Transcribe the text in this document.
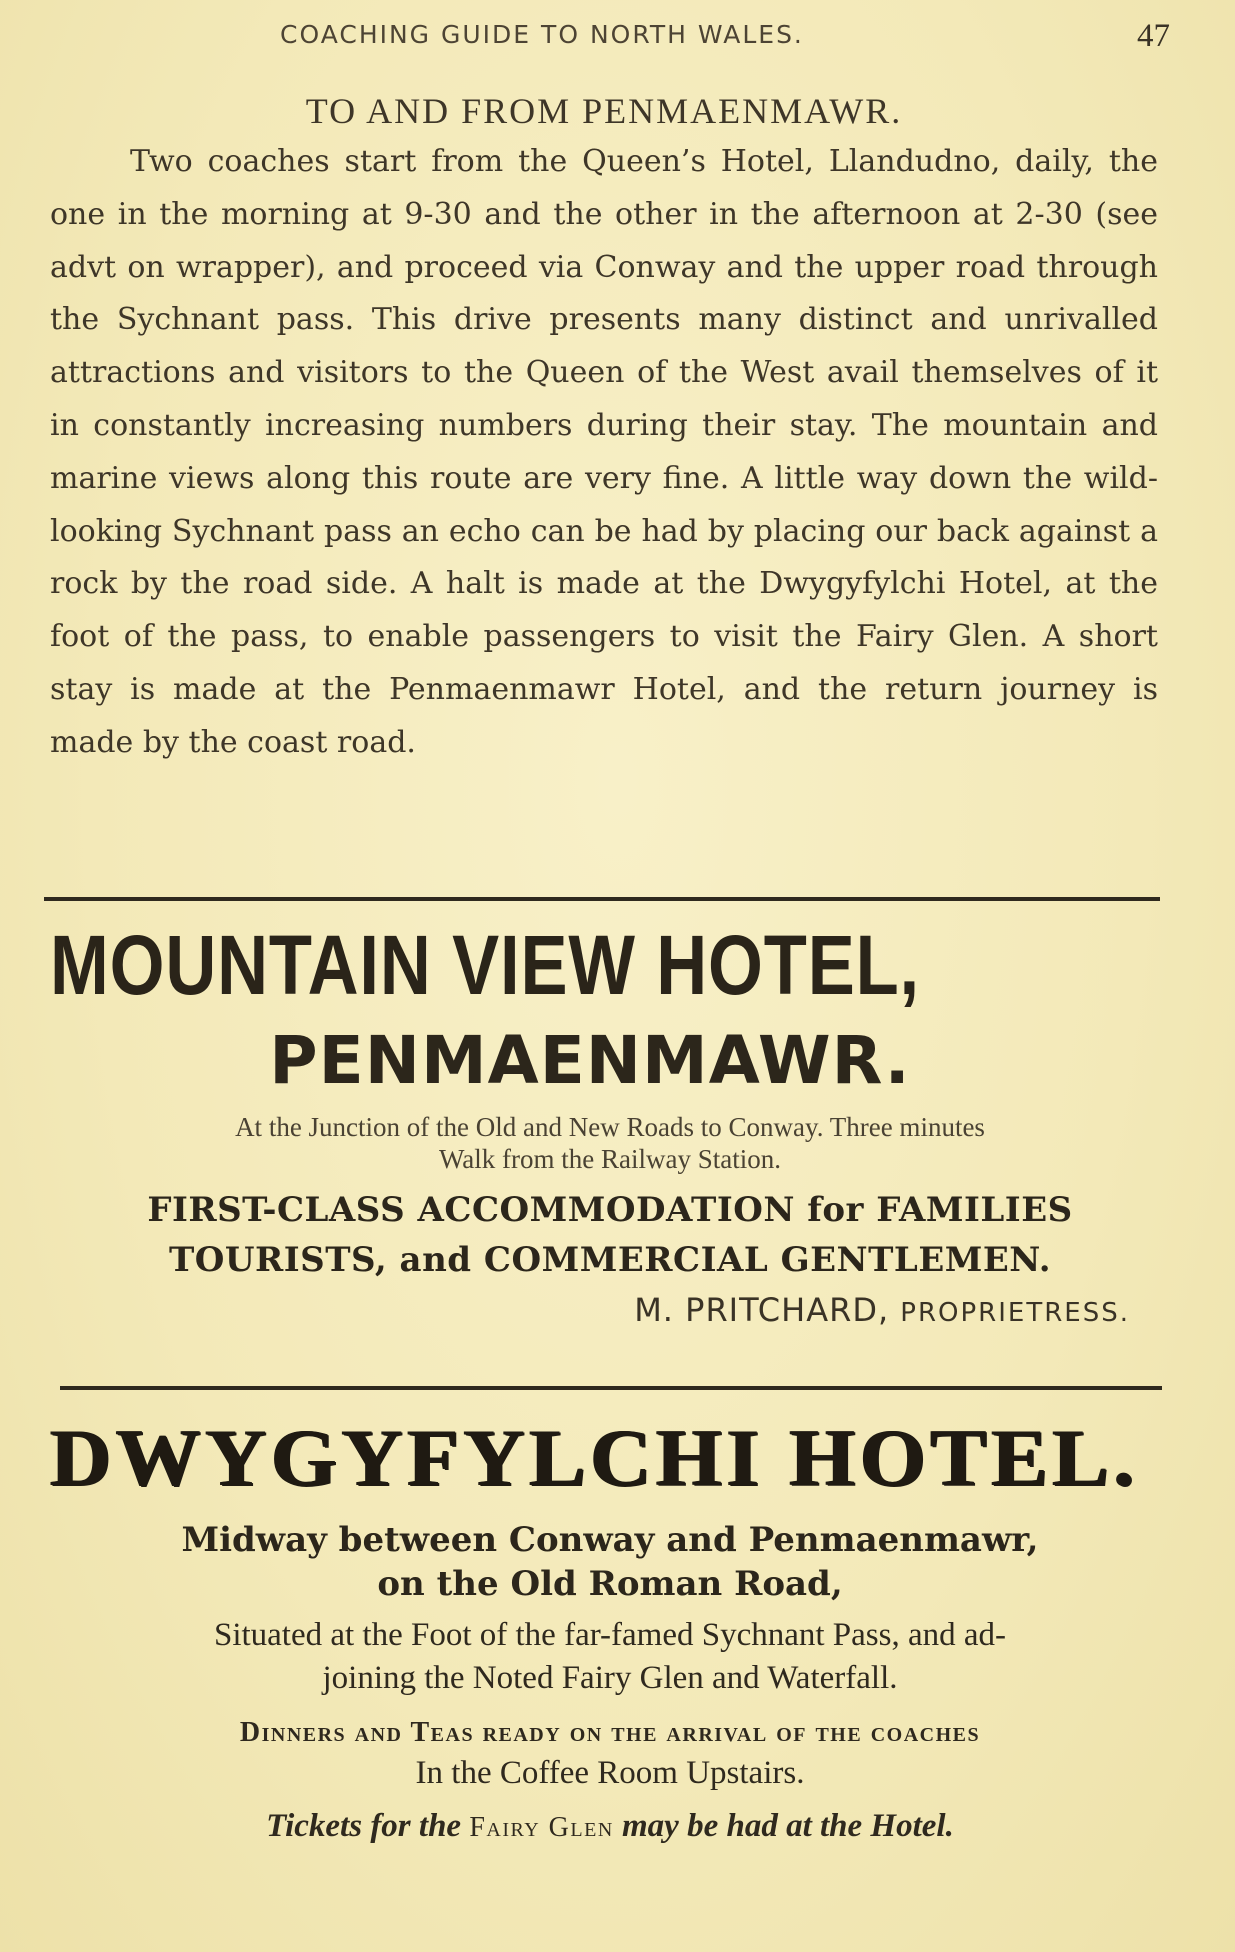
COACHING GUIDE TO NORTH WALES.	47
TO AND FROM PENMAENMAWR.

Two coaches start from the Queen’s Hotel, Llandudno, daily, the one in the morning at 9-30 and the other in the afternoon at 2-30 (see advt on wrapper), and proceed via Conway and the upper road through the Sychnant pass. This drive presents many distinct and unrivalled attractions and visitors to the Queen of the West avail themselves of it in constantly increasing numbers during their stay. The mountain and marine views along this route are very fine. A little way down the wild-looking Sychnant pass an echo can be had by placing our back against a rock by the road side. A halt is made at the Dwygyfylchi Hotel, at the foot of the pass, to enable passengers to visit the Fairy Glen. A short stay is made at the Penmaenmawr Hotel, and the return journey is made by the coast road.

MOUNTAIN VIEW HOTEL,
PENMAENMAWR.
At the Junction of the Old and New Roads to Conway. Three minutes
Walk from the Railway Station.
FIRST-CLASS ACCOMMODATION for FAMILIES
TOURISTS, and COMMERCIAL GENTLEMEN.
M. PRITCHARD, PROPRIETRESS.
DWYGYFYLCHI HOTEL.
Midway between Conway and Penmaenmawr,
on the Old Roman Road,
Situated at the Foot of the far-famed Sychnant Pass, and ad-
joining the Noted Fairy Glen and Waterfall.
Dinners and Teas ready on the arrival of the coaches
In the Coffee Room Upstairs.
Tickets for the Fairy Glen may be had at the Hotel.
